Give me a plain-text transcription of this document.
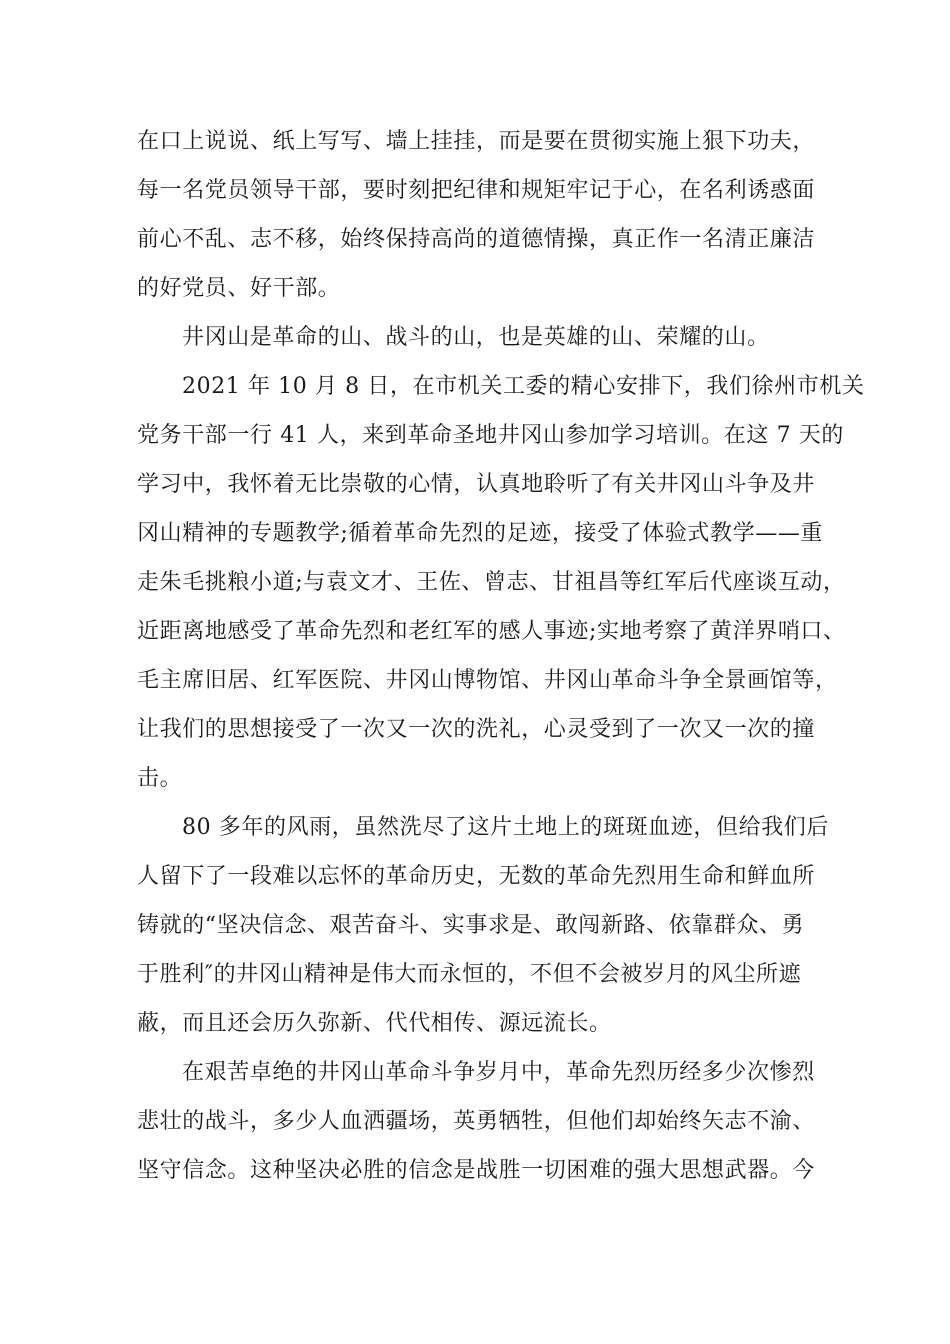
在口上说说、纸上写写、墙上挂挂，而是要在贯彻实施上狠下功夫，
每一名党员领导干部，要时刻把纪律和规矩牢记于心，在名利诱惑面
前心不乱、志不移，始终保持高尚的道德情操，真正作一名清正廉洁
的好党员、好干部。
井冈山是革命的山、战斗的山，也是英雄的山、荣耀的山。
2021 年 10 月 8 日，在市机关工委的精心安排下，我们徐州市机关
党务干部一行 41 人，来到革命圣地井冈山参加学习培训。在这 7 天的
学习中，我怀着无比崇敬的心情，认真地聆听了有关井冈山斗争及井
冈山精神的专题教学;循着革命先烈的足迹，接受了体验式教学——重
走朱毛挑粮小道;与袁文才、王佐、曾志、甘祖昌等红军后代座谈互动，
近距离地感受了革命先烈和老红军的感人事迹;实地考察了黄洋界哨口、
毛主席旧居、红军医院、井冈山博物馆、井冈山革命斗争全景画馆等，
让我们的思想接受了一次又一次的洗礼，心灵受到了一次又一次的撞
击。
80 多年的风雨，虽然洗尽了这片土地上的斑斑血迹，但给我们后
人留下了一段难以忘怀的革命历史，无数的革命先烈用生命和鲜血所
铸就的“坚决信念、艰苦奋斗、实事求是、敢闯新路、依靠群众、勇
于胜利″的井冈山精神是伟大而永恒的，不但不会被岁月的风尘所遮
蔽，而且还会历久弥新、代代相传、源远流长。
在艰苦卓绝的井冈山革命斗争岁月中，革命先烈历经多少次惨烈
悲壮的战斗，多少人血洒疆场，英勇牺牲，但他们却始终矢志不渝、
坚守信念。这种坚决必胜的信念是战胜一切困难的强大思想武器。今
